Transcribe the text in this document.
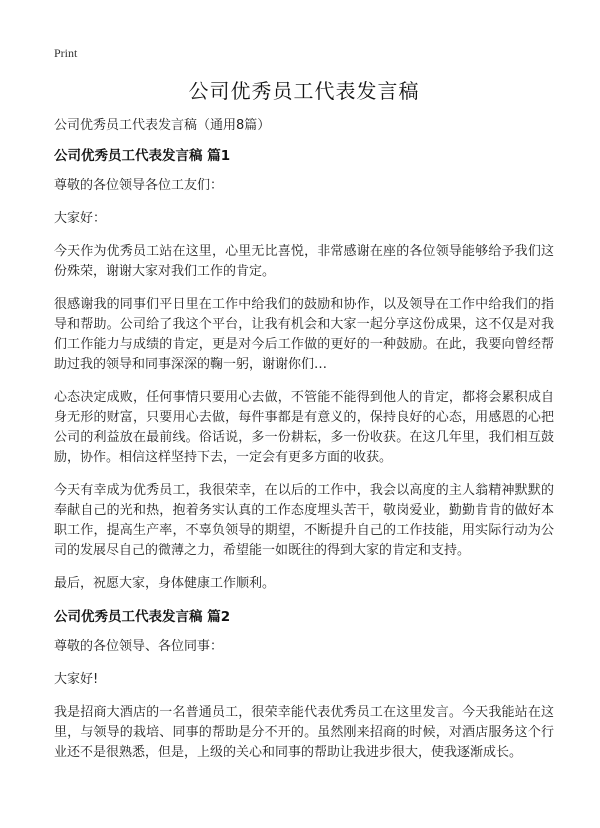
Print
公司优秀员工代表发言稿

公司优秀员工代表发言稿（通用8篇）

公司优秀员工代表发言稿 篇1

尊敬的各位领导各位工友们：

大家好：

今天作为优秀员工站在这里，心里无比喜悦，非常感谢在座的各位领导能够给予我们这份殊荣，谢谢大家对我们工作的肯定。

很感谢我的同事们平日里在工作中给我们的鼓励和协作，以及领导在工作中给我们的指导和帮助。公司给了我这个平台，让我有机会和大家一起分享这份成果，这不仅是对我们工作能力与成绩的肯定，更是对今后工作做的更好的一种鼓励。在此，我要向曾经帮助过我的领导和同事深深的鞠一躬，谢谢你们…

心态决定成败，任何事情只要用心去做，不管能不能得到他人的肯定，都将会累积成自身无形的财富，只要用心去做，每件事都是有意义的，保持良好的心态，用感恩的心把公司的利益放在最前线。俗话说，多一份耕耘，多一份收获。在这几年里，我们相互鼓励，协作。相信这样坚持下去，一定会有更多方面的收获。

今天有幸成为优秀员工，我很荣幸，在以后的工作中，我会以高度的主人翁精神默默的奉献自己的光和热，抱着务实认真的工作态度埋头苦干，敬岗爱业，勤勤肯肯的做好本职工作，提高生产率，不辜负领导的期望，不断提升自己的工作技能，用实际行动为公司的发展尽自己的微薄之力，希望能一如既往的得到大家的肯定和支持。

最后，祝愿大家，身体健康工作顺利。

公司优秀员工代表发言稿 篇2

尊敬的各位领导、各位同事：

大家好!

我是招商大酒店的一名普通员工，很荣幸能代表优秀员工在这里发言。今天我能站在这里，与领导的栽培、同事的帮助是分不开的。虽然刚来招商的时候，对酒店服务这个行业还不是很熟悉，但是，上级的关心和同事的帮助让我进步很大，使我逐渐成长。
